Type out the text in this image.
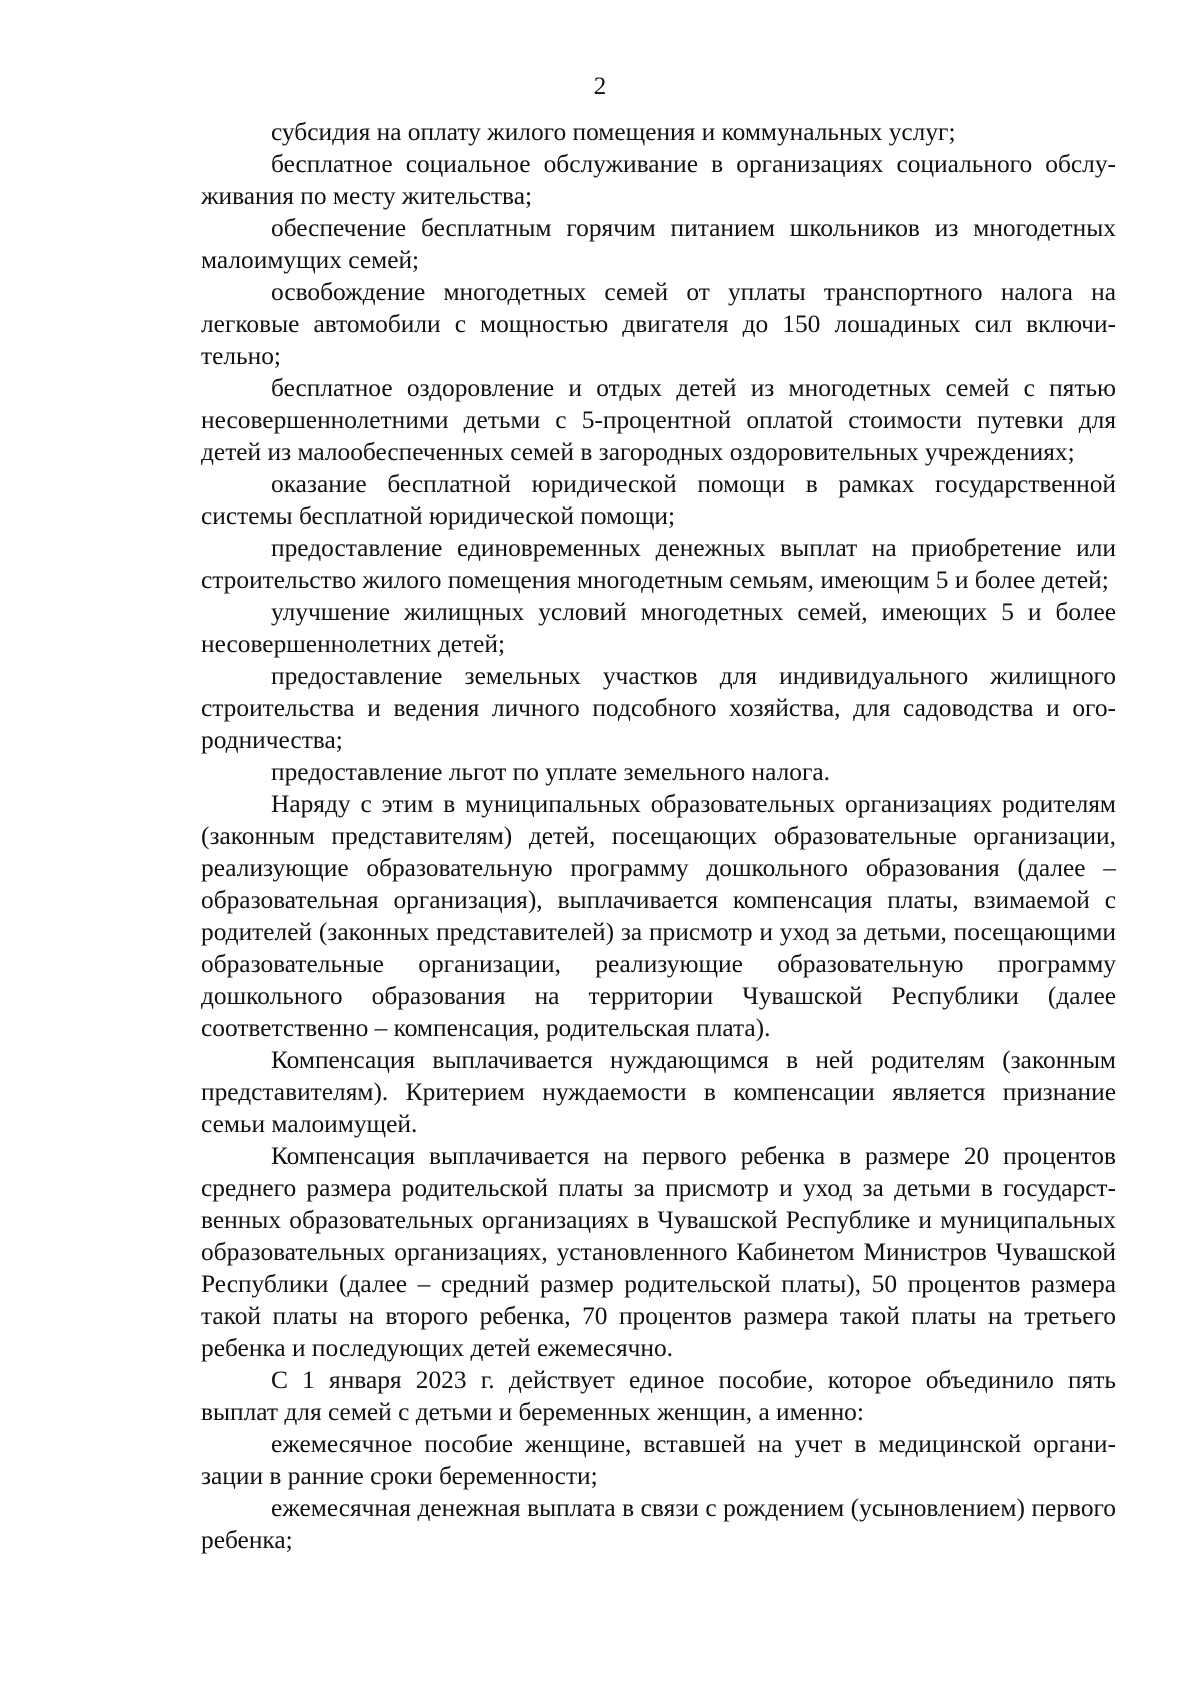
2

субсидия на оплату жилого помещения и коммунальных услуг;

бесплатное социальное обслуживание в организациях социального обслуживания по месту жительства;

обеспечение бесплатным горячим питанием школьников из многодетных малоимущих семей;

освобождение многодетных семей от уплаты транспортного налога на легковые автомобили с мощностью двигателя до 150 лошадиных сил включительно;

бесплатное оздоровление и отдых детей из многодетных семей с пятью несовершеннолетними детьми с 5-процентной оплатой стоимости путевки для детей из малообеспеченных семей в загородных оздоровительных учреждениях;

оказание бесплатной юридической помощи в рамках государственной системы бесплатной юридической помощи;

предоставление единовременных денежных выплат на приобретение или строительство жилого помещения многодетным семьям, имеющим 5 и более детей;

улучшение жилищных условий многодетных семей, имеющих 5 и более несовершеннолетних детей;

предоставление земельных участков для индивидуального жилищного строительства и ведения личного подсобного хозяйства, для садоводства и огородничества;

предоставление льгот по уплате земельного налога.

Наряду с этим в муниципальных образовательных организациях родителям (законным представителям) детей, посещающих образовательные организации, реализующие образовательную программу дошкольного образования (далее – образовательная организация), выплачивается компенсация платы, взимаемой с родителей (законных представителей) за присмотр и уход за детьми, посещающими образовательные организации, реализующие образовательную программу дошкольного образования на территории Чувашской Республики (далее соответственно – компенсация, родительская плата).

Компенсация выплачивается нуждающимся в ней родителям (законным представителям). Критерием нуждаемости в компенсации является признание семьи малоимущей.

Компенсация выплачивается на первого ребенка в размере 20 процентов среднего размера родительской платы за присмотр и уход за детьми в государственных образовательных организациях в Чувашской Республике и муниципальных образовательных организациях, установленного Кабинетом Министров Чувашской Республики (далее – средний размер родительской платы), 50 процентов размера такой платы на второго ребенка, 70 процентов размера такой платы на третьего ребенка и последующих детей ежемесячно.

С 1 января 2023 г. действует единое пособие, которое объединило пять выплат для семей с детьми и беременных женщин, а именно:

ежемесячное пособие женщине, вставшей на учет в медицинской организации в ранние сроки беременности;

ежемесячная денежная выплата в связи с рождением (усыновлением) первого ребенка;
